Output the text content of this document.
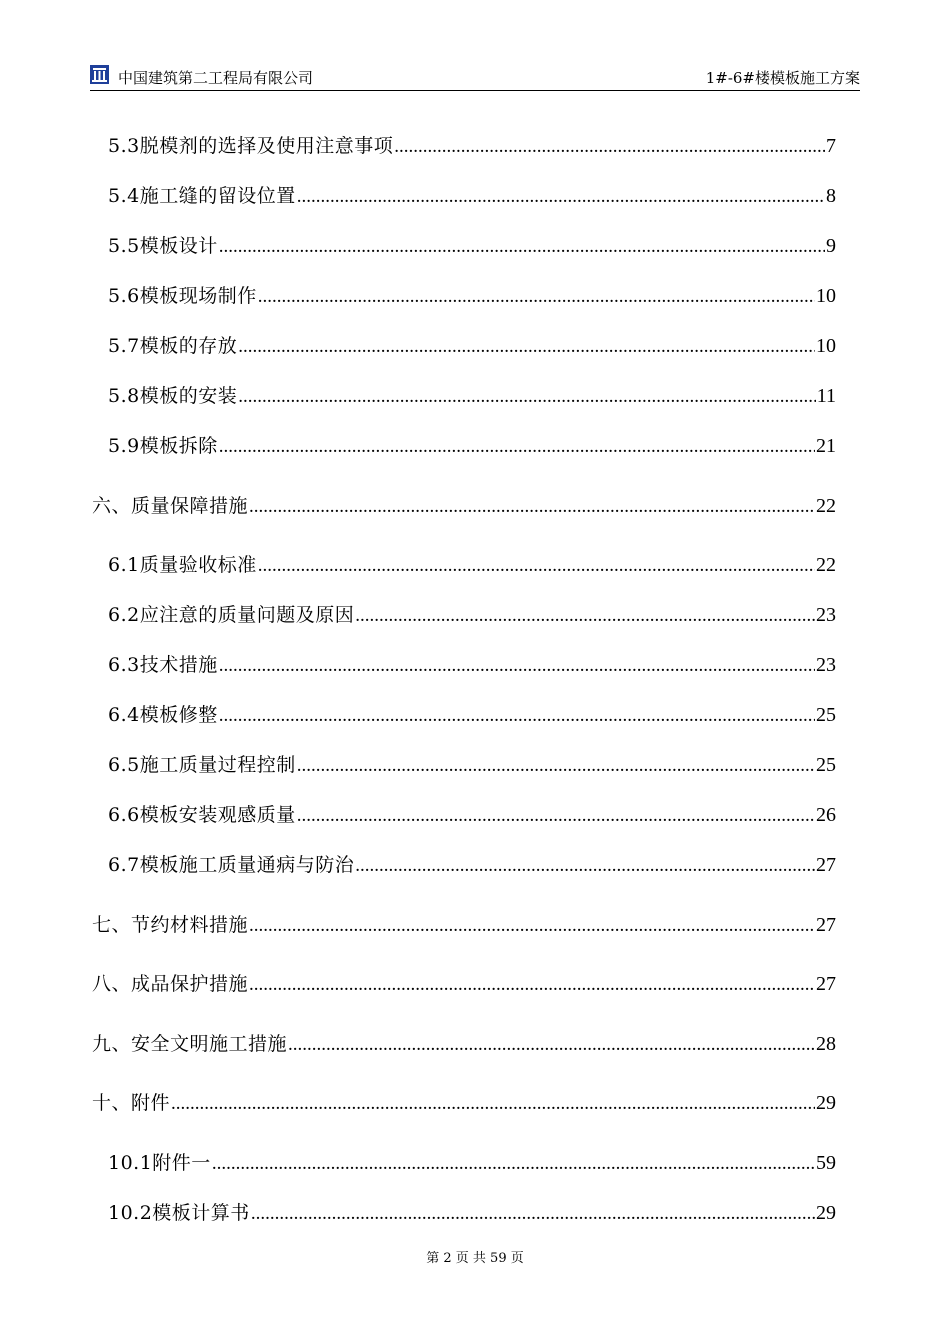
中国建筑第二工程局有限公司	1#-6#楼模板施工方案
5.3脱模剂的选择及使用注意事项 .....	7
5.4施工缝的留设位置 .....	8
5.5模板设计 .....	9
5.6模板现场制作 .....	10
5.7模板的存放 .....	10
5.8模板的安装 .....	11
5.9模板拆除 .....	21
六、质量保障措施 .....	22
6.1质量验收标准 .....	22
6.2应注意的质量问题及原因 .....	23
6.3技术措施 .....	23
6.4模板修整 .....	25
6.5施工质量过程控制 .....	25
6.6模板安装观感质量 .....	26
6.7模板施工质量通病与防治 .....	27
七、节约材料措施 .....	27
八、成品保护措施 .....	27
九、安全文明施工措施 .....	28
十、附件 .....	29
10.1附件一 .....	59
10.2模板计算书 .....	29
第 2 页 共 59 页
